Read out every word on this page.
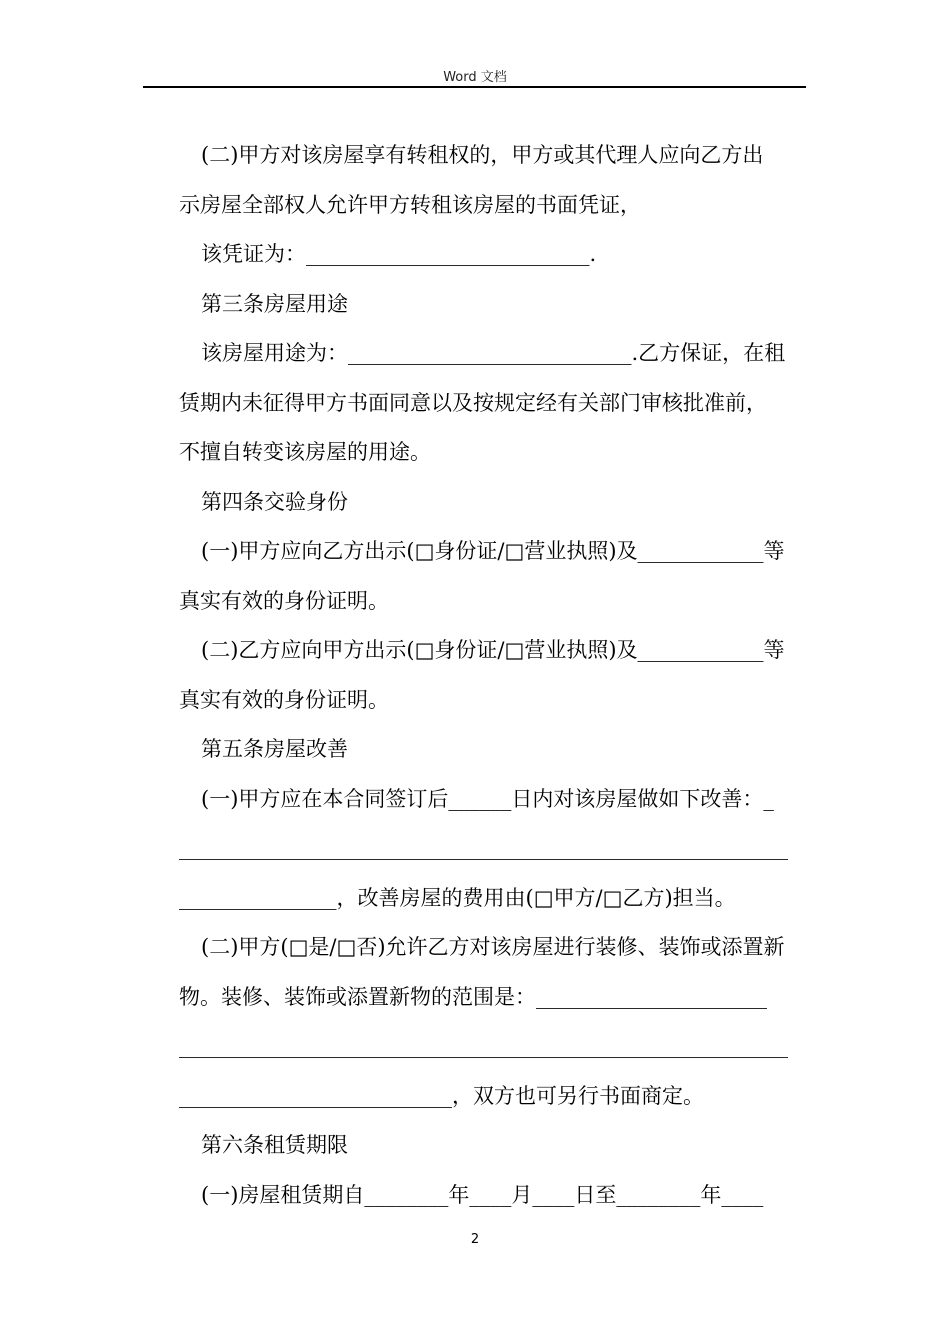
Word 文档
(二)甲方对该房屋享有转租权的，甲方或其代理人应向乙方出
示房屋全部权人允许甲方转租该房屋的书面凭证，
该凭证为：___________________________.
第三条房屋用途
该房屋用途为：___________________________.乙方保证，在租
赁期内未征得甲方书面同意以及按规定经有关部门审核批准前，
不擅自转变该房屋的用途。
第四条交验身份
(一)甲方应向乙方出示(□身份证/□营业执照)及____________等
真实有效的身份证明。
(二)乙方应向甲方出示(□身份证/□营业执照)及____________等
真实有效的身份证明。
第五条房屋改善
(一)甲方应在本合同签订后______日内对该房屋做如下改善：_
__________________________________________________________
_______________，改善房屋的费用由(□甲方/□乙方)担当。
(二)甲方(□是/□否)允许乙方对该房屋进行装修、装饰或添置新
物。装修、装饰或添置新物的范围是：______________________
__________________________________________________________
__________________________，双方也可另行书面商定。
第六条租赁期限
(一)房屋租赁期自________年____月____日至________年____
2
